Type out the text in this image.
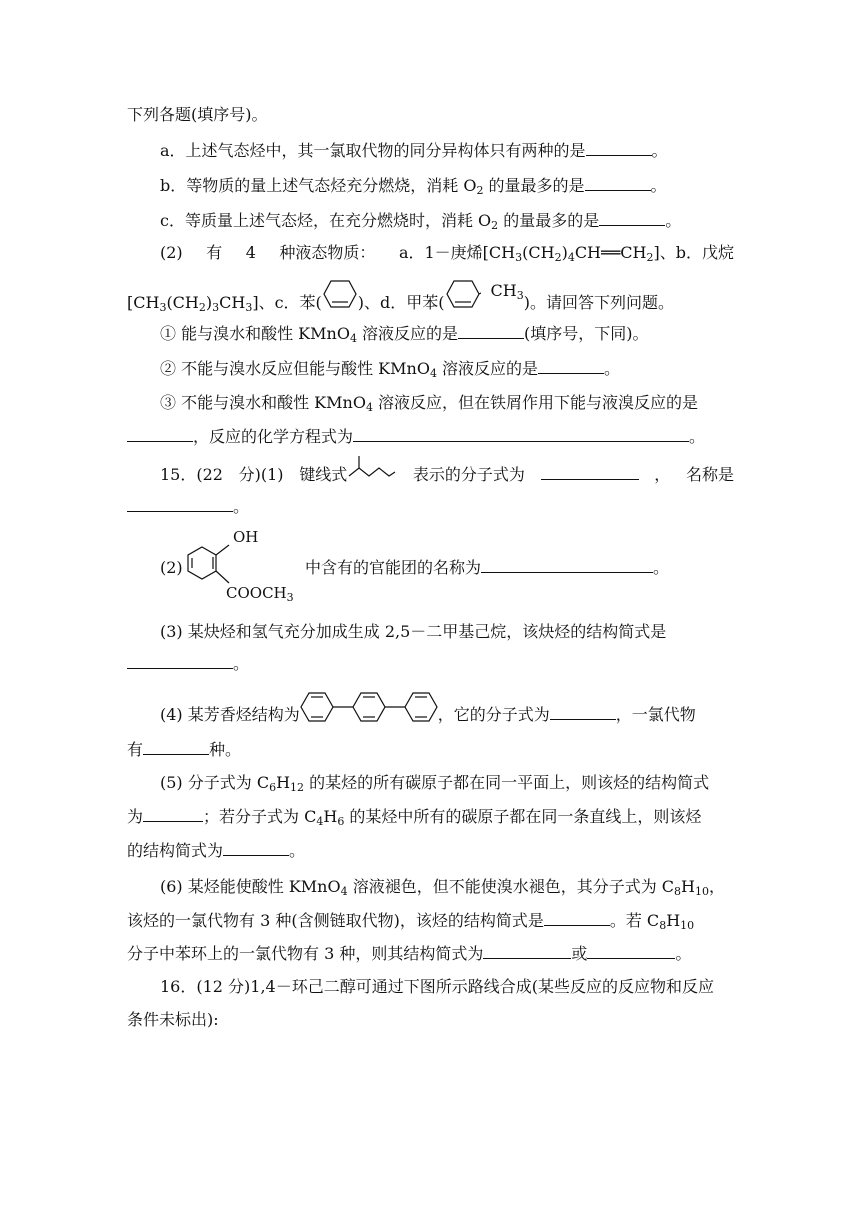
下列各题(填序号)。
a．上述气态烃中，其一氯取代物的同分异构体只有两种的是	。
b．等物质的量上述气态烃充分燃烧，消耗 $O_2$ 的量最多的是	。
c．等质量上述气态烃，在充分燃烧时，消耗 $O_2$ 的量最多的是	。
(2) 有 4 种液态物质： a．1－庚烯$[CH_3(CH_2)_4CH══CH_2]$、b．戊烷
$[CH_3(CH_2)_3CH_3]$、c．苯( )、d．甲苯$(CH_3)$。请回答下列问题。
① 能与溴水和酸性 KMnO$_4$ 溶液反应的是	(填序号，下同)。
② 不能与溴水反应但能与酸性 KMnO$_4$ 溶液反应的是	。
③ 不能与溴水和酸性 KMnO$_4$ 溶液反应，但在铁屑作用下能与液溴反应的是
，反应的化学方程式为	。
15．(22 分)(1) 键线式	表示的分子式为	， 名称是
。
(2)
OH
$COOCH_3$
中含有的官能团的名称为	。
(3) 某炔烃和氢气充分加成生成 2,5－二甲基己烷，该炔烃的结构简式是
。
(4) 某芳香烃结构为	，它的分子式为	，一氯代物
有	种。
(5) 分子式为 $C_6H_{12}$ 的某烃的所有碳原子都在同一平面上，则该烃的结构简式
为	；若分子式为 $C_4H_6$ 的某烃中所有的碳原子都在同一条直线上，则该烃
的结构简式为	。
(6) 某烃能使酸性 KMnO$_4$ 溶液褪色，但不能使溴水褪色，其分子式为 $C_8H_{10}$，
该烃的一氯代物有 3 种(含侧链取代物)，该烃的结构简式是	。若 $C_8H_{10}$
分子中苯环上的一氯代物有 3 种，则其结构简式为	或	。
16．(12 分)1,4－环己二醇可通过下图所示路线合成(某些反应的反应物和反应
条件未标出):
